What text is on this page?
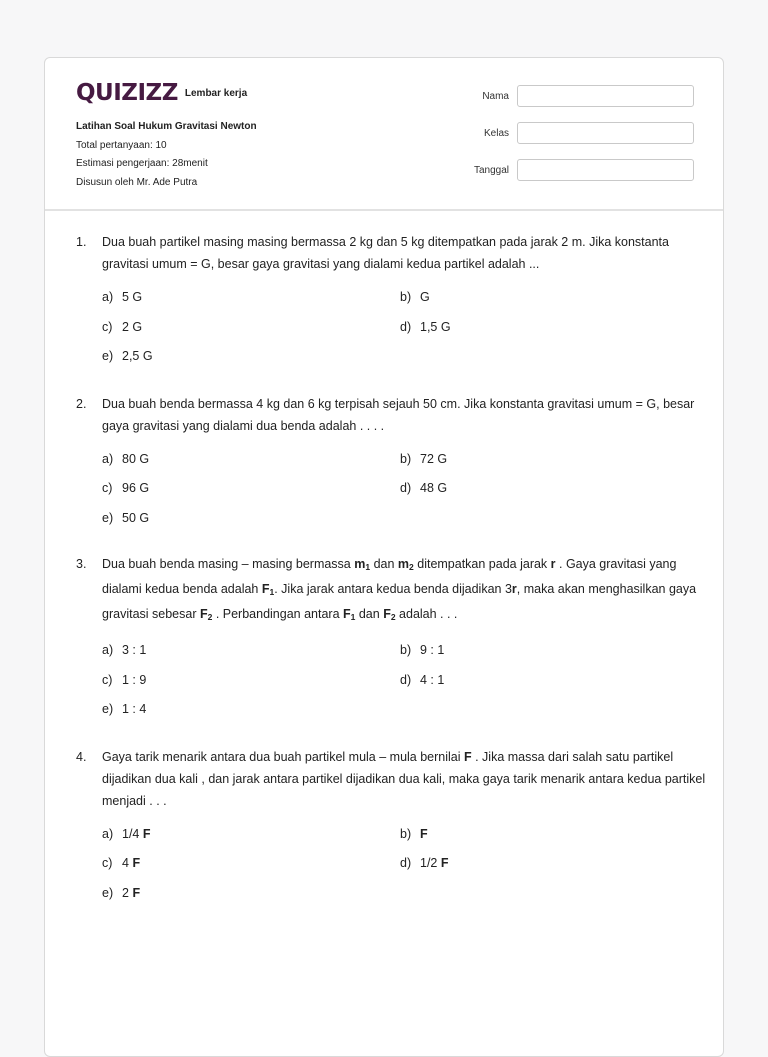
QUIZIZZ Lembar kerja
Latihan Soal Hukum Gravitasi Newton
Total pertanyaan: 10
Estimasi pengerjaan: 28menit
Disusun oleh Mr. Ade Putra
Nama
Kelas
Tanggal
1.	Dua buah partikel masing masing bermassa 2 kg dan 5 kg ditempatkan pada jarak 2 m. Jika konstanta gravitasi umum = G, besar gaya gravitasi yang dialami kedua partikel adalah ...
a) 5 G	b) G
c) 2 G	d) 1,5 G
e) 2,5 G
2.	Dua buah benda bermassa 4 kg dan 6 kg terpisah sejauh 50 cm. Jika konstanta gravitasi umum = G, besar gaya gravitasi yang dialami dua benda adalah . . . .
a) 80 G	b) 72 G
c) 96 G	d) 48 G
e) 50 G
3.	Dua buah benda masing – masing bermassa $m_1$ dan $m_2$ ditempatkan pada jarak r . Gaya gravitasi yang dialami kedua benda adalah $F_1$. Jika jarak antara kedua benda dijadikan 3r, maka akan menghasilkan gaya gravitasi sebesar $F_2$ . Perbandingan antara $F_1$ dan $F_2$ adalah . . .
a) 3 : 1	b) 9 : 1
c) 1 : 9	d) 4 : 1
e) 1 : 4
4.	Gaya tarik menarik antara dua buah partikel mula – mula bernilai F . Jika massa dari salah satu partikel dijadikan dua kali , dan jarak antara partikel dijadikan dua kali, maka gaya tarik menarik antara kedua partikel menjadi . . .
a) 1/4 F	b) F
c) 4 F	d) 1/2 F
e) 2 F
